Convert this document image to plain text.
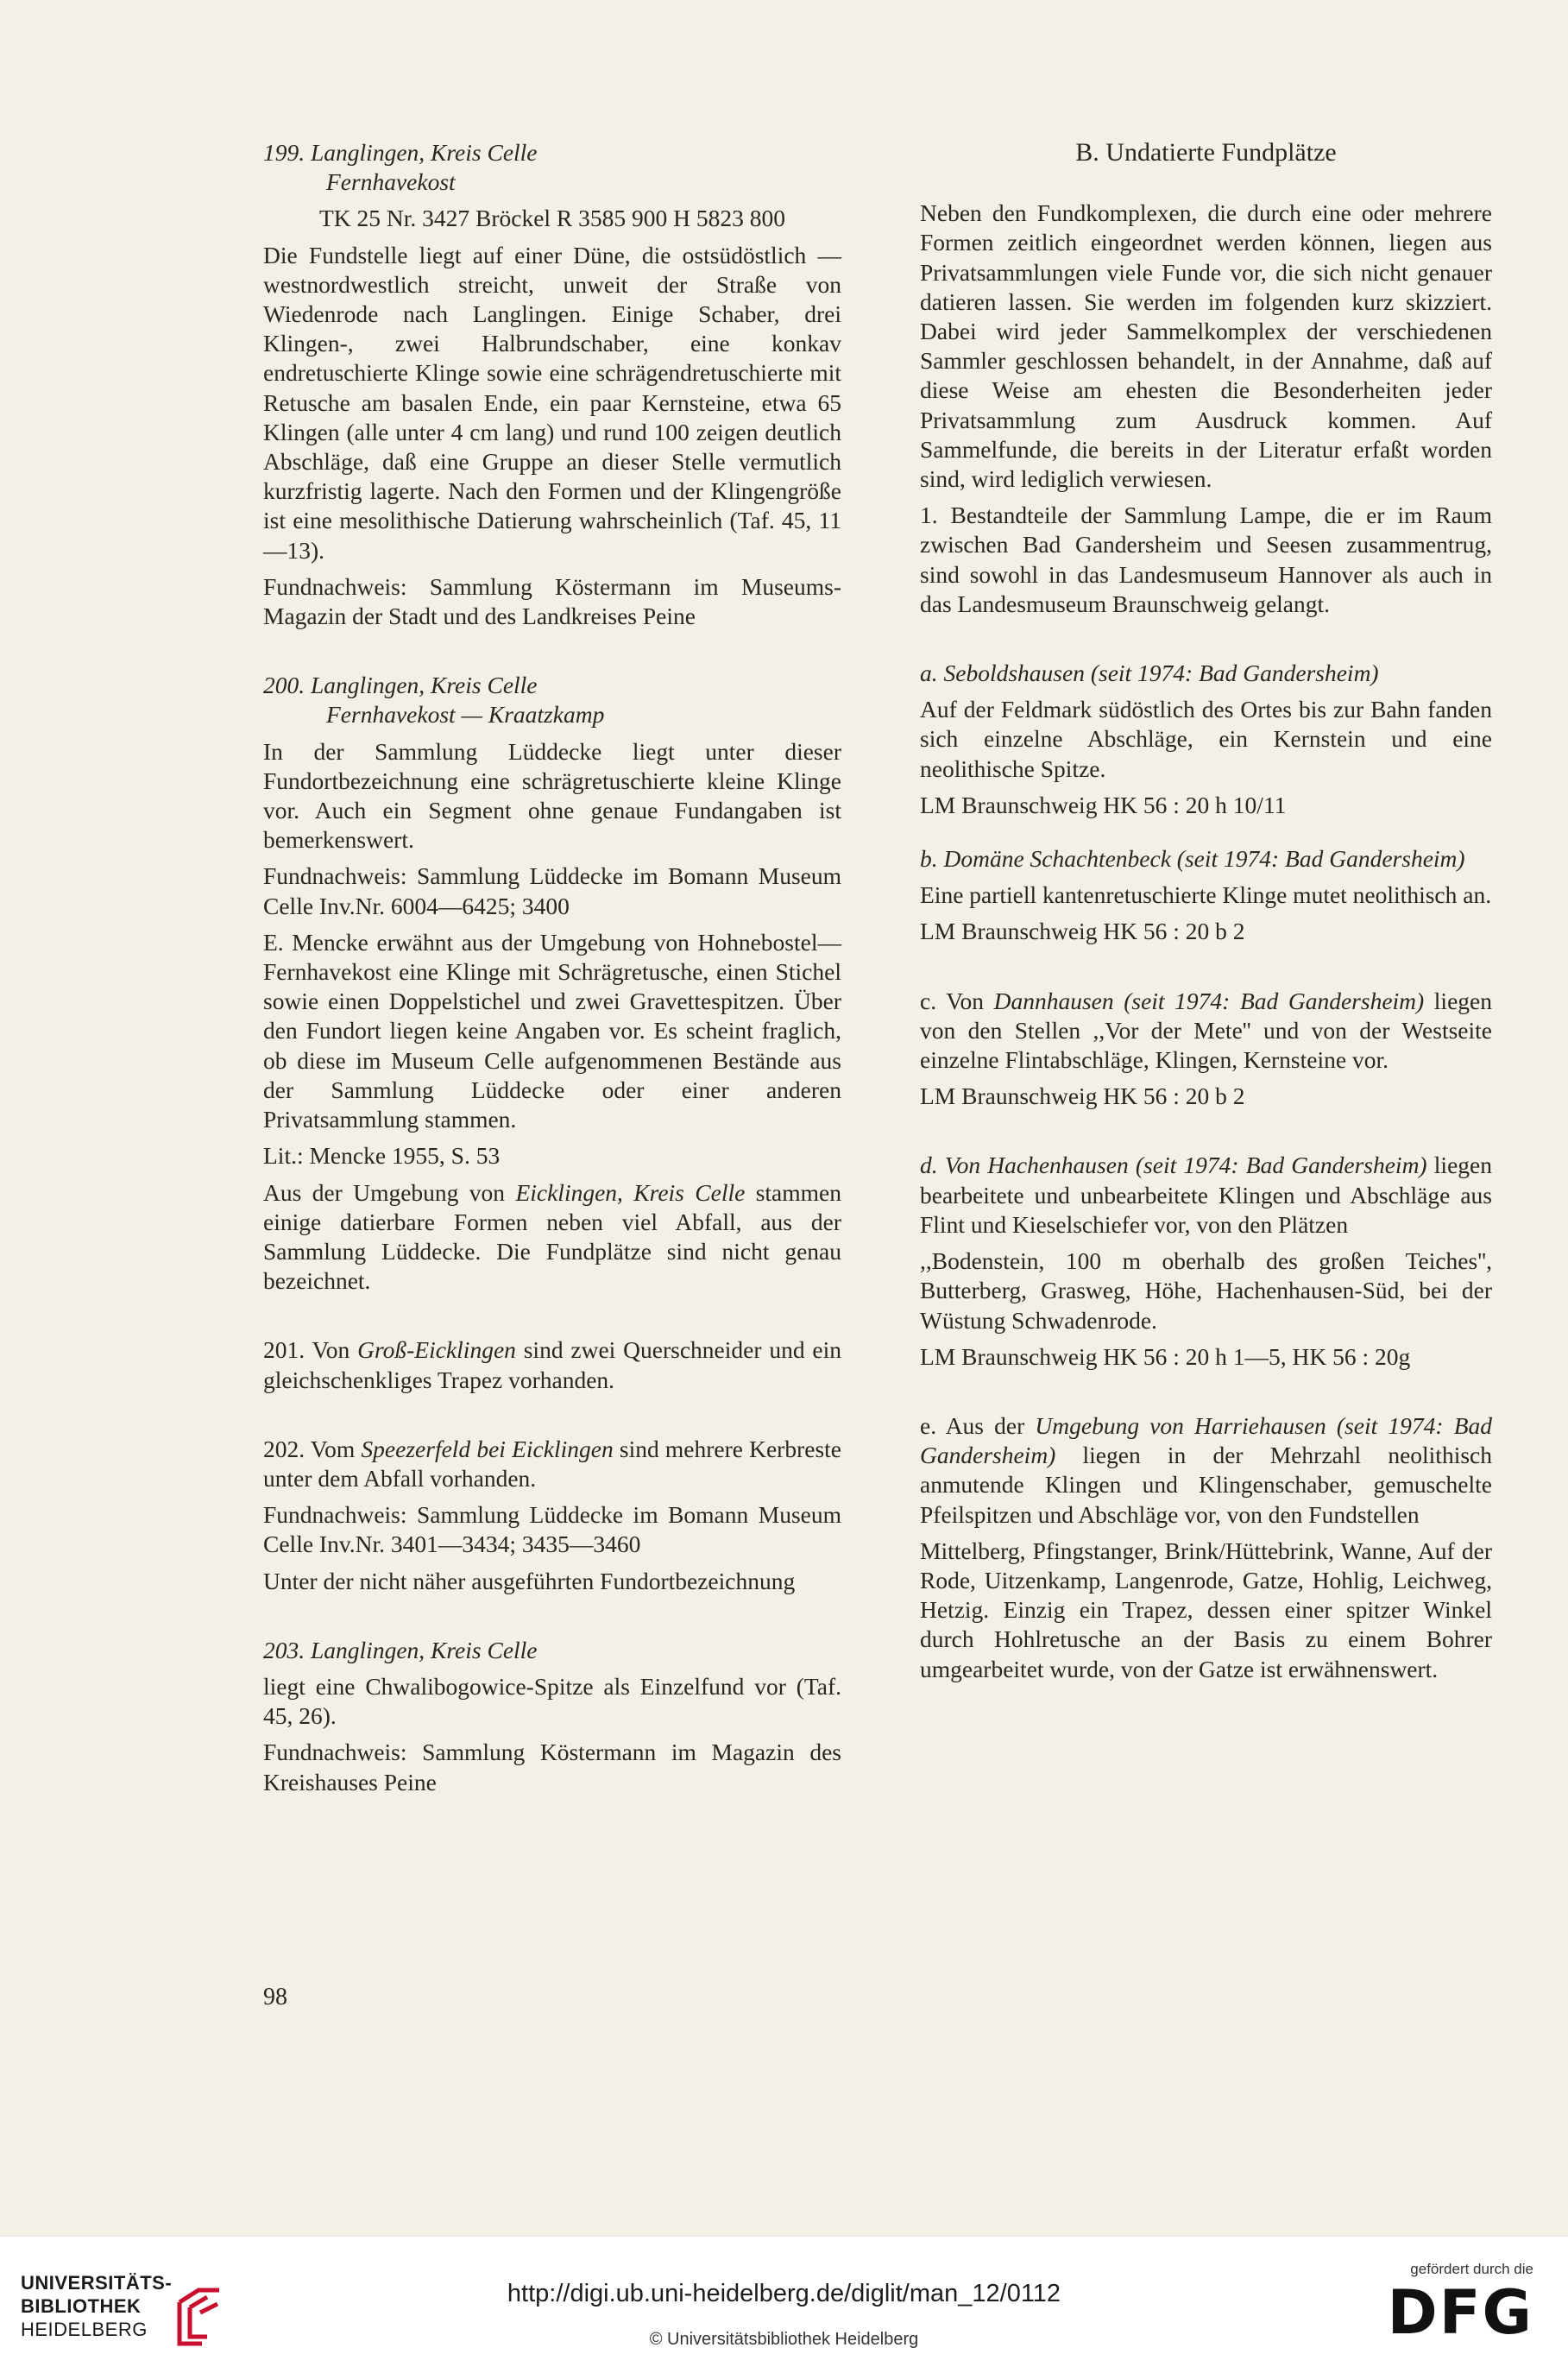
199. Langlingen, Kreis Celle
Fernhavekost

TK 25 Nr. 3427 Bröckel R 3585 900 H 5823 800

Die Fundstelle liegt auf einer Düne, die ostsüdöstlich — westnordwestlich streicht, unweit der Straße von Wiedenrode nach Langlingen. Einige Schaber, drei Klingen-, zwei Halbrundschaber, eine konkav endretuschierte Klinge sowie eine schrägendretuschierte mit Retusche am basalen Ende, ein paar Kernsteine, etwa 65 Klingen (alle unter 4 cm lang) und rund 100 zeigen deutlich Abschläge, daß eine Gruppe an dieser Stelle vermutlich kurzfristig lagerte. Nach den Formen und der Klingengröße ist eine mesolithische Datierung wahrscheinlich (Taf. 45, 11—13).

Fundnachweis: Sammlung Köstermann im Museums-Magazin der Stadt und des Landkreises Peine

200. Langlingen, Kreis Celle
Fernhavekost — Kraatzkamp

In der Sammlung Lüddecke liegt unter dieser Fundortbezeichnung eine schrägretuschierte kleine Klinge vor. Auch ein Segment ohne genaue Fundangaben ist bemerkenswert.

Fundnachweis: Sammlung Lüddecke im Bomann Museum Celle Inv.Nr. 6004—6425; 3400

E. Mencke erwähnt aus der Umgebung von Hohnebostel—Fernhavekost eine Klinge mit Schrägretusche, einen Stichel sowie einen Doppelstichel und zwei Gravettespitzen. Über den Fundort liegen keine Angaben vor. Es scheint fraglich, ob diese im Museum Celle aufgenommenen Bestände aus der Sammlung Lüddecke oder einer anderen Privatsammlung stammen.

Lit.: Mencke 1955, S. 53

Aus der Umgebung von Eicklingen, Kreis Celle stammen einige datierbare Formen neben viel Abfall, aus der Sammlung Lüddecke. Die Fundplätze sind nicht genau bezeichnet.

201. Von Groß-Eicklingen sind zwei Querschneider und ein gleichschenkliges Trapez vorhanden.

202. Vom Speezerfeld bei Eicklingen sind mehrere Kerbreste unter dem Abfall vorhanden.

Fundnachweis: Sammlung Lüddecke im Bomann Museum Celle Inv.Nr. 3401—3434; 3435—3460

Unter der nicht näher ausgeführten Fundortbezeichnung

203. Langlingen, Kreis Celle

liegt eine Chwalibogowice-Spitze als Einzelfund vor (Taf. 45, 26).

Fundnachweis: Sammlung Köstermann im Magazin des Kreishauses Peine

B. Undatierte Fundplätze

Neben den Fundkomplexen, die durch eine oder mehrere Formen zeitlich eingeordnet werden können, liegen aus Privatsammlungen viele Funde vor, die sich nicht genauer datieren lassen. Sie werden im folgenden kurz skizziert. Dabei wird jeder Sammelkomplex der verschiedenen Sammler geschlossen behandelt, in der Annahme, daß auf diese Weise am ehesten die Besonderheiten jeder Privatsammlung zum Ausdruck kommen. Auf Sammelfunde, die bereits in der Literatur erfaßt worden sind, wird lediglich verwiesen.

1. Bestandteile der Sammlung Lampe, die er im Raum zwischen Bad Gandersheim und Seesen zusammentrug, sind sowohl in das Landesmuseum Hannover als auch in das Landesmuseum Braunschweig gelangt.

a. Seboldshausen (seit 1974: Bad Gandersheim)

Auf der Feldmark südöstlich des Ortes bis zur Bahn fanden sich einzelne Abschläge, ein Kernstein und eine neolithische Spitze.

LM Braunschweig HK 56 : 20 h 10/11

b. Domäne Schachtenbeck (seit 1974: Bad Gandersheim)

Eine partiell kantenretuschierte Klinge mutet neolithisch an.

LM Braunschweig HK 56 : 20 b 2

c. Von Dannhausen (seit 1974: Bad Gandersheim) liegen von den Stellen ,,Vor der Mete'' und von der Westseite einzelne Flintabschläge, Klingen, Kernsteine vor.

LM Braunschweig HK 56 : 20 b 2

d. Von Hachenhausen (seit 1974: Bad Gandersheim) liegen bearbeitete und unbearbeitete Klingen und Abschläge aus Flint und Kieselschiefer vor, von den Plätzen

,,Bodenstein, 100 m oberhalb des großen Teiches'', Butterberg, Grasweg, Höhe, Hachenhausen-Süd, bei der Wüstung Schwadenrode.

LM Braunschweig HK 56 : 20 h 1—5, HK 56 : 20g

e. Aus der Umgebung von Harriehausen (seit 1974: Bad Gandersheim) liegen in der Mehrzahl neolithisch anmutende Klingen und Klingenschaber, gemuschelte Pfeilspitzen und Abschläge vor, von den Fundstellen

Mittelberg, Pfingstanger, Brink/Hüttebrink, Wanne, Auf der Rode, Uitzenkamp, Langenrode, Gatze, Hohlig, Leichweg, Hetzig. Einzig ein Trapez, dessen einer spitzer Winkel durch Hohlretusche an der Basis zu einem Bohrer umgearbeitet wurde, von der Gatze ist erwähnenswert.

98
UNIVERSITÄTS-
BIBLIOTHEK
HEIDELBERG
http://digi.ub.uni-heidelberg.de/diglit/man_12/0112
© Universitätsbibliothek Heidelberg
gefördert durch die
DFG
